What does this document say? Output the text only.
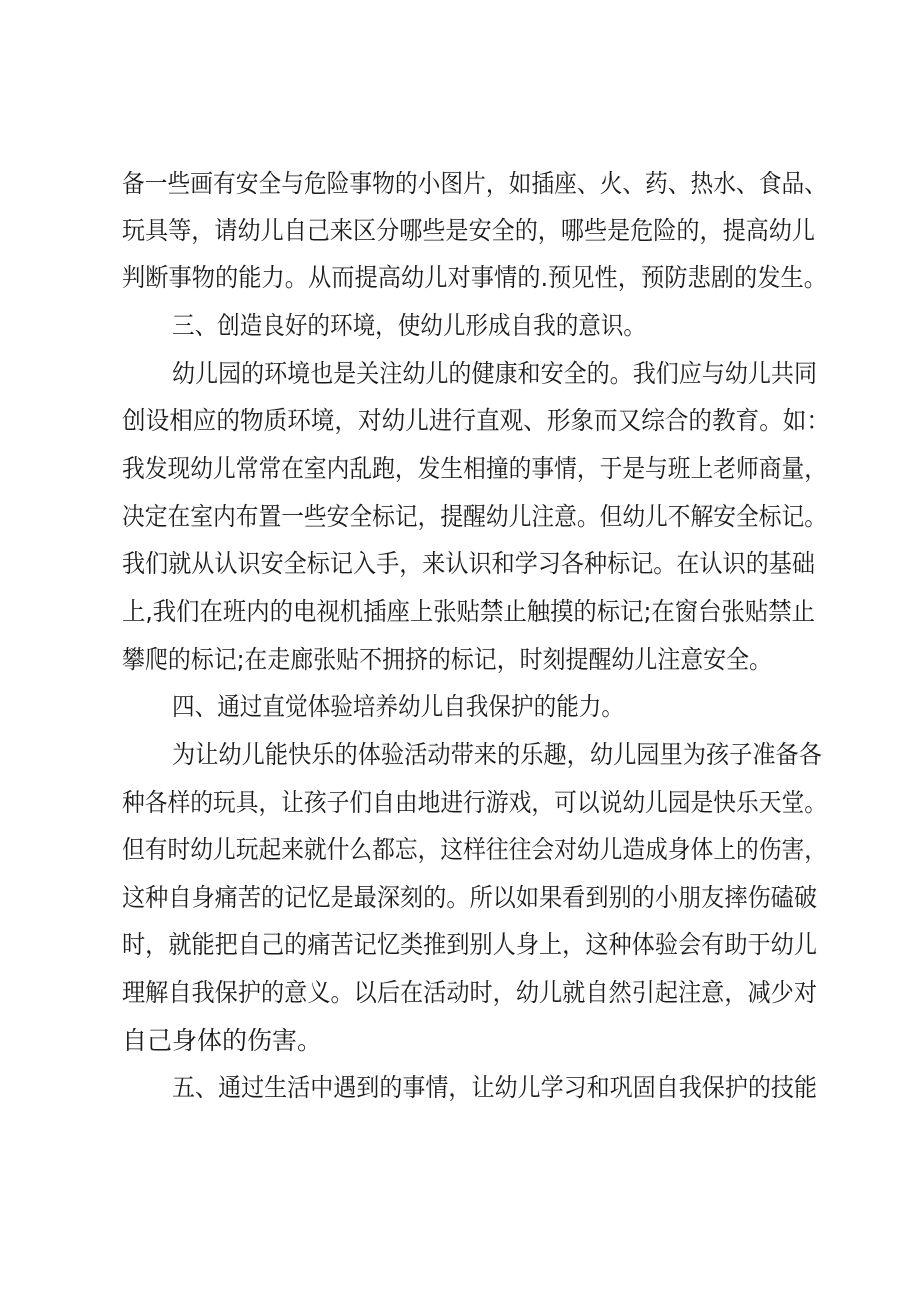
备一些画有安全与危险事物的小图片，如插座、火、药、热水、食品、
玩具等，请幼儿自己来区分哪些是安全的，哪些是危险的，提高幼儿
判断事物的能力。从而提高幼儿对事情的.预见性，预防悲剧的发生。
三、创造良好的环境，使幼儿形成自我的意识。
幼儿园的环境也是关注幼儿的健康和安全的。我们应与幼儿共同
创设相应的物质环境，对幼儿进行直观、形象而又综合的教育。如：
我发现幼儿常常在室内乱跑，发生相撞的事情，于是与班上老师商量，
决定在室内布置一些安全标记，提醒幼儿注意。但幼儿不解安全标记。
我们就从认识安全标记入手，来认识和学习各种标记。在认识的基础
上,我们在班内的电视机插座上张贴禁止触摸的标记;在窗台张贴禁止
攀爬的标记;在走廊张贴不拥挤的标记，时刻提醒幼儿注意安全。
四、通过直觉体验培养幼儿自我保护的能力。
为让幼儿能快乐的体验活动带来的乐趣，幼儿园里为孩子准备各
种各样的玩具，让孩子们自由地进行游戏，可以说幼儿园是快乐天堂。
但有时幼儿玩起来就什么都忘，这样往往会对幼儿造成身体上的伤害，
这种自身痛苦的记忆是最深刻的。所以如果看到别的小朋友摔伤磕破
时，就能把自己的痛苦记忆类推到别人身上，这种体验会有助于幼儿
理解自我保护的意义。以后在活动时，幼儿就自然引起注意，减少对
自己身体的伤害。
五、通过生活中遇到的事情，让幼儿学习和巩固自我保护的技能
